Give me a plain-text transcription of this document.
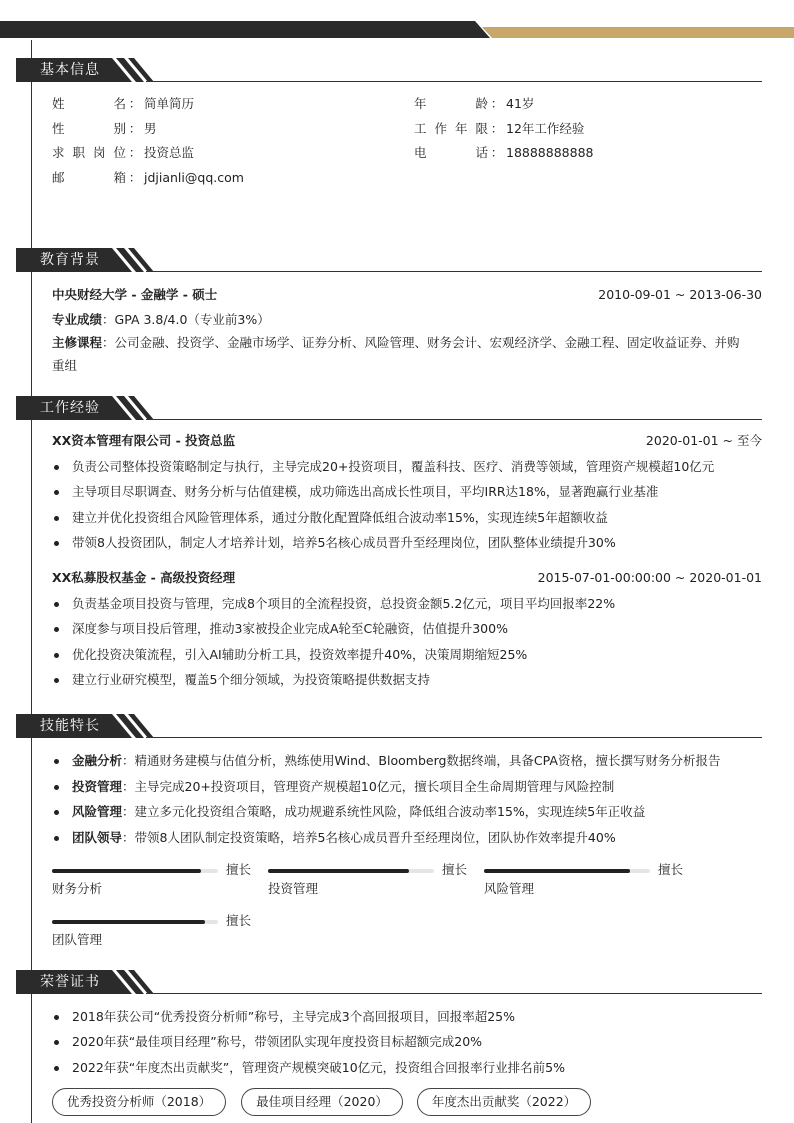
基本信息
姓名 ： 简单简历	年龄 ： 41岁
性别 ： 男	工作年限 ： 12年工作经验
求职岗位 ： 投资总监	电话 ： 18888888888
邮箱 ： jdjianli@qq.com
教育背景
中央财经大学 - 金融学 - 硕士	2010-09-01 ~ 2013-06-30
专业成绩：GPA 3.8/4.0（专业前3%）
主修课程：公司金融、投资学、金融市场学、证券分析、风险管理、财务会计、宏观经济学、金融工程、固定收益证券、并购
重组
工作经验
XX资本管理有限公司 - 投资总监	2020-01-01 ~ 至今
负责公司整体投资策略制定与执行，主导完成20+投资项目，覆盖科技、医疗、消费等领域，管理资产规模超10亿元
主导项目尽职调查、财务分析与估值建模，成功筛选出高成长性项目，平均IRR达18%，显著跑赢行业基准
建立并优化投资组合风险管理体系，通过分散化配置降低组合波动率15%，实现连续5年超额收益
带领8人投资团队，制定人才培养计划，培养5名核心成员晋升至经理岗位，团队整体业绩提升30%
XX私募股权基金 - 高级投资经理	2015-07-01-00:00:00 ~ 2020-01-01
负责基金项目投资与管理，完成8个项目的全流程投资，总投资金额5.2亿元，项目平均回报率22%
深度参与项目投后管理，推动3家被投企业完成A轮至C轮融资，估值提升300%
优化投资决策流程，引入AI辅助分析工具，投资效率提升40%，决策周期缩短25%
建立行业研究模型，覆盖5个细分领域，为投资策略提供数据支持
技能特长
金融分析：精通财务建模与估值分析，熟练使用Wind、Bloomberg数据终端，具备CPA资格，擅长撰写财务分析报告
投资管理：主导完成20+投资项目，管理资产规模超10亿元，擅长项目全生命周期管理与风险控制
风险管理：建立多元化投资组合策略，成功规避系统性风险，降低组合波动率15%，实现连续5年正收益
团队领导：带领8人团队制定投资策略，培养5名核心成员晋升至经理岗位，团队协作效率提升40%
擅长
财务分析
擅长
投资管理
擅长
风险管理
擅长
团队管理
荣誉证书
2018年获公司“优秀投资分析师”称号，主导完成3个高回报项目，回报率超25%
2020年获“最佳项目经理”称号，带领团队实现年度投资目标超额完成20%
2022年获“年度杰出贡献奖”，管理资产规模突破10亿元，投资组合回报率行业排名前5%
优秀投资分析师（2018）	最佳项目经理（2020）	年度杰出贡献奖（2022）
